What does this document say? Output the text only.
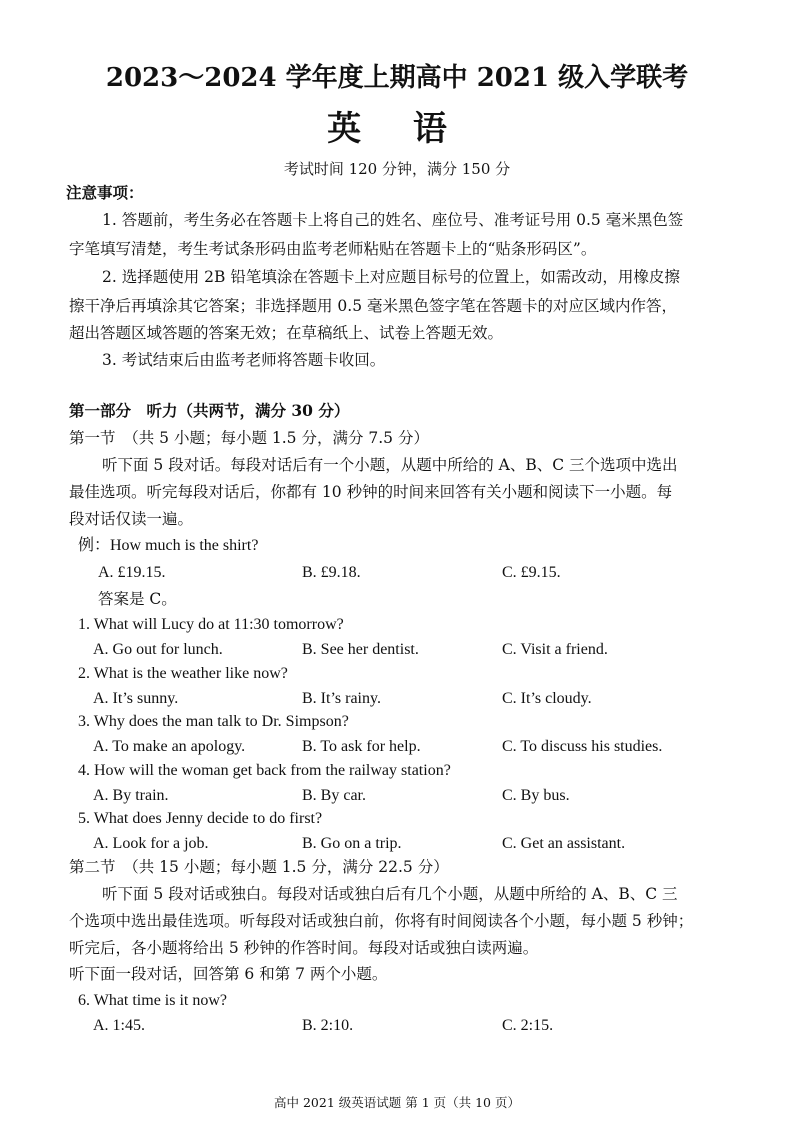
2023～2024 学年度上期高中 2021 级入学联考
英 语
考试时间 120 分钟，满分 150 分
注意事项：
1. 答题前，考生务必在答题卡上将自己的姓名、座位号、准考证号用 0.5 毫米黑色签
字笔填写清楚，考生考试条形码由监考老师粘贴在答题卡上的“贴条形码区”。
2. 选择题使用 2B 铅笔填涂在答题卡上对应题目标号的位置上，如需改动，用橡皮擦
擦干净后再填涂其它答案；非选择题用 0.5 毫米黑色签字笔在答题卡的对应区域内作答，
超出答题区域答题的答案无效；在草稿纸上、试卷上答题无效。
3. 考试结束后由监考老师将答题卡收回。
第一部分　听力（共两节，满分 30 分）
第一节　（共 5 小题；每小题 1.5 分，满分 7.5 分）
听下面 5 段对话。每段对话后有一个小题，从题中所给的 A、B、C 三个选项中选出
最佳选项。听完每段对话后，你都有 10 秒钟的时间来回答有关小题和阅读下一小题。每
段对话仅读一遍。
例：How much is the shirt?
A. £19.15.	B. £9.18.	C. £9.15.
答案是 C。
1. What will Lucy do at 11:30 tomorrow?
A. Go out for lunch.	B. See her dentist.	C. Visit a friend.
2. What is the weather like now?
A. It’s sunny.	B. It’s rainy.	C. It’s cloudy.
3. Why does the man talk to Dr. Simpson?
A. To make an apology.	B. To ask for help.	C. To discuss his studies.
4. How will the woman get back from the railway station?
A. By train.	B. By car.	C. By bus.
5. What does Jenny decide to do first?
A. Look for a job.	B. Go on a trip.	C. Get an assistant.
第二节　（共 15 小题；每小题 1.5 分，满分 22.5 分）
听下面 5 段对话或独白。每段对话或独白后有几个小题，从题中所给的 A、B、C 三
个选项中选出最佳选项。听每段对话或独白前，你将有时间阅读各个小题，每小题 5 秒钟；
听完后，各小题将给出 5 秒钟的作答时间。每段对话或独白读两遍。
听下面一段对话，回答第 6 和第 7 两个小题。
6. What time is it now?
A. 1:45.	B. 2:10.	C. 2:15.
高中 2021 级英语试题 第 1 页（共 10 页）
